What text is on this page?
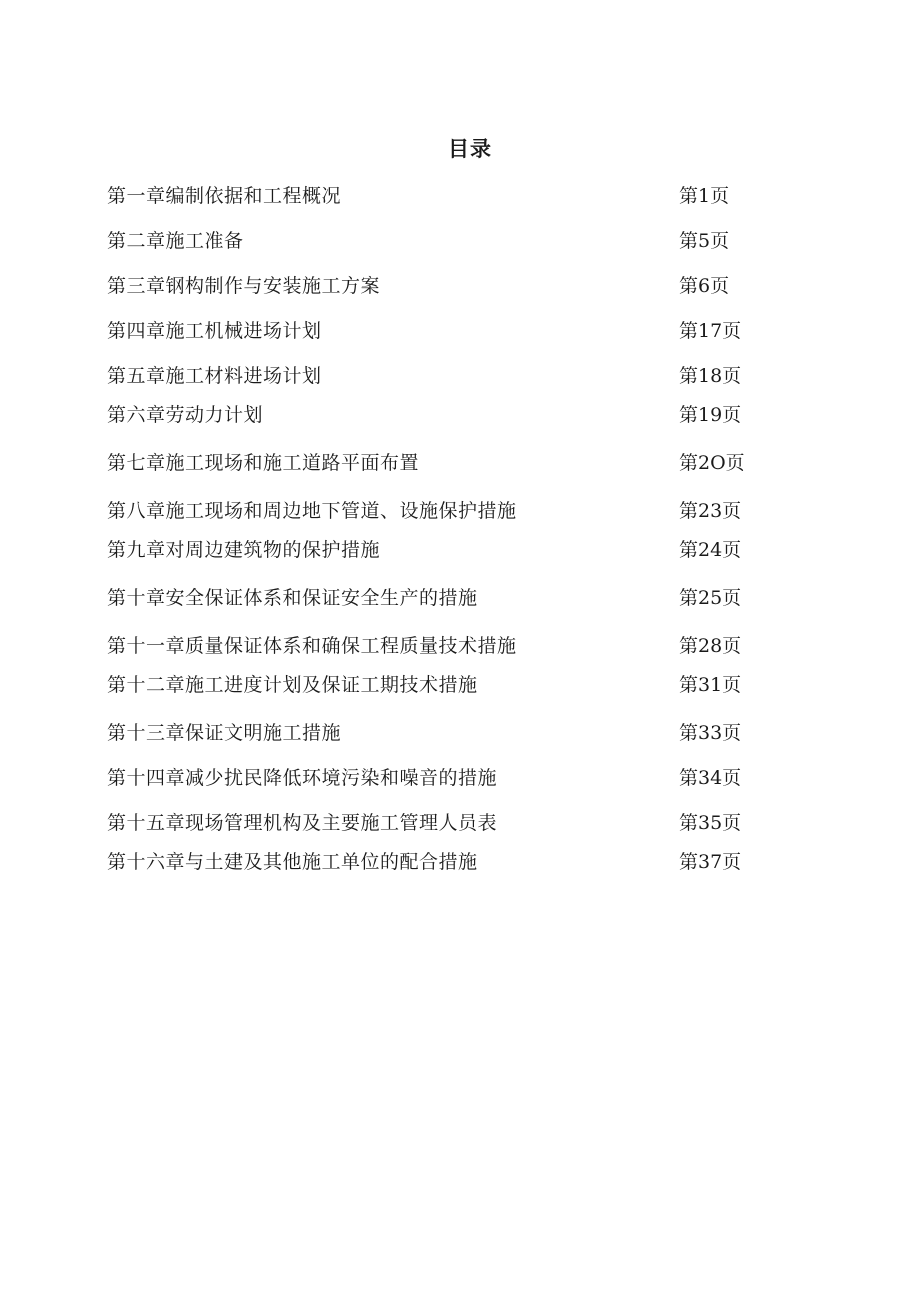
目录
第一章编制依据和工程概况	第1页
第二章施工准备	第5页
第三章钢构制作与安装施工方案	第6页
第四章施工机械进场计划	第17页
第五章施工材料进场计划	第18页
第六章劳动力计划	第19页
第七章施工现场和施工道路平面布置	第2O页
第八章施工现场和周边地下管道、设施保护措施	第23页
第九章对周边建筑物的保护措施	第24页
第十章安全保证体系和保证安全生产的措施	第25页
第十一章质量保证体系和确保工程质量技术措施	第28页
第十二章施工进度计划及保证工期技术措施	第31页
第十三章保证文明施工措施	第33页
第十四章减少扰民降低环境污染和噪音的措施	第34页
第十五章现场管理机构及主要施工管理人员表	第35页
第十六章与土建及其他施工单位的配合措施	第37页
